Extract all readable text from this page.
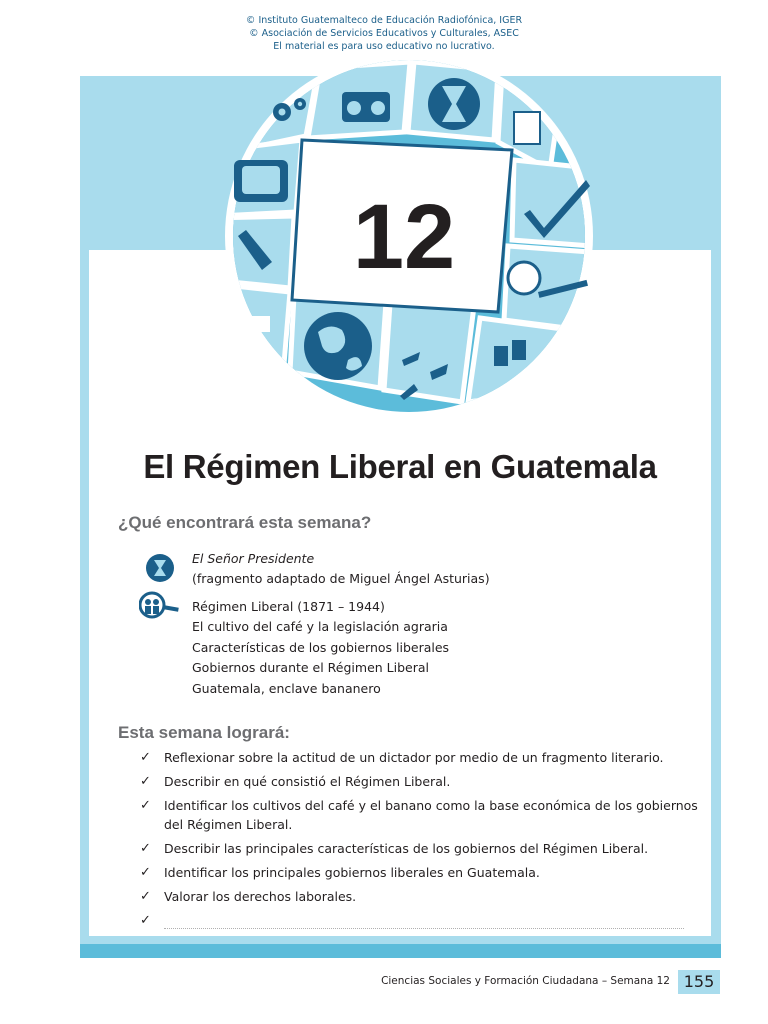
© Instituto Guatemalteco de Educación Radiofónica, IGER
© Asociación de Servicios Educativos y Culturales, ASEC
El material es para uso educativo no lucrativo.
12
El Régimen Liberal en Guatemala
¿Qué encontrará esta semana?
El Señor Presidente
(fragmento adaptado de Miguel Ángel Asturias)
Régimen Liberal (1871 – 1944)
El cultivo del café y la legislación agraria
Características de los gobiernos liberales
Gobiernos durante el Régimen Liberal
Guatemala, enclave bananero
Esta semana logrará:
✓ Reflexionar sobre la actitud de un dictador por medio de un fragmento literario.
✓ Describir en qué consistió el Régimen Liberal.
✓ Identificar los cultivos del café y el banano como la base económica de los gobiernos del Régimen Liberal.
✓ Describir las principales características de los gobiernos del Régimen Liberal.
✓ Identificar los principales gobiernos liberales en Guatemala.
✓ Valorar los derechos laborales.
✓
Ciencias Sociales y Formación Ciudadana – Semana 12 155
